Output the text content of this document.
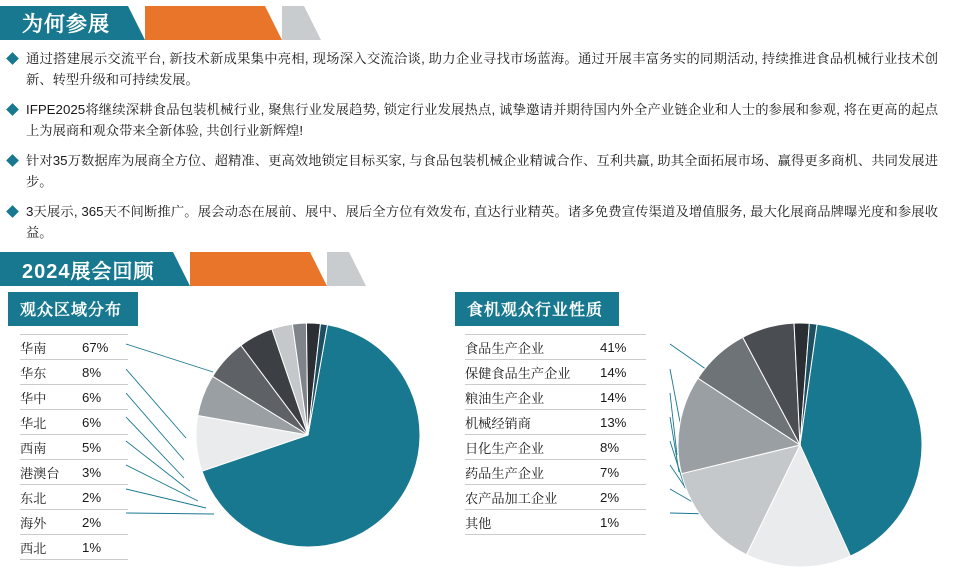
为何参展
通过搭建展示交流平台, 新技术新成果集中亮相, 现场深入交流洽谈, 助力企业寻找市场蓝海。通过开展丰富务实的同期活动, 持续推进食品机械行业技术创新、转型升级和可持续发展。
IFPE2025将继续深耕食品包装机械行业, 聚焦行业发展趋势, 锁定行业发展热点, 诚挚邀请并期待国内外全产业链企业和人士的参展和参观, 将在更高的起点上为展商和观众带来全新体验, 共创行业新辉煌!
针对35万数据库为展商全方位、超精准、更高效地锁定目标买家, 与食品包装机械企业精诚合作、互利共赢, 助其全面拓展市场、赢得更多商机、共同发展进步。
3天展示, 365天不间断推广。展会动态在展前、展中、展后全方位有效发布, 直达行业精英。诸多免费宣传渠道及增值服务, 最大化展商品牌曝光度和参展收益。
2024展会回顾
观众区域分布
华南	67%
华东	8%
华中	6%
华北	6%
西南	5%
港澳台	3%
东北	2%
海外	2%
西北	1%
食机观众行业性质
食品生产企业	41%
保健食品生产企业	14%
粮油生产企业	14%
机械经销商	13%
日化生产企业	8%
药品生产企业	7%
农产品加工企业	2%
其他	1%
